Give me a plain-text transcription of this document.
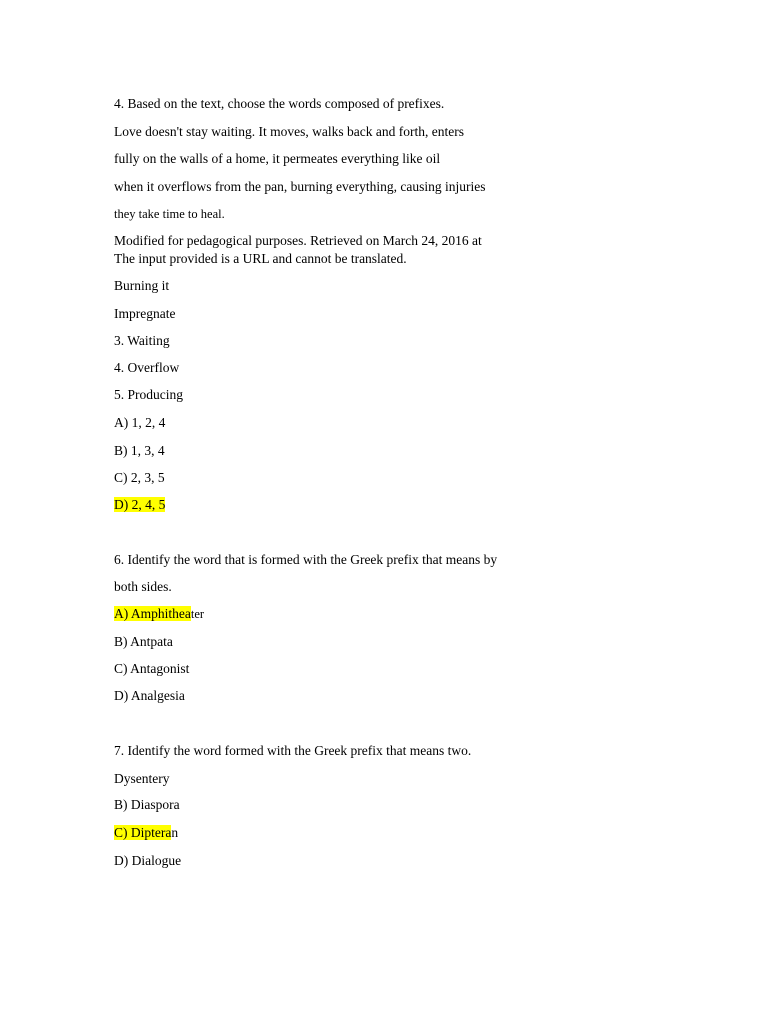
4. Based on the text, choose the words composed of prefixes.
Love doesn't stay waiting. It moves, walks back and forth, enters
fully on the walls of a home, it permeates everything like oil
when it overflows from the pan, burning everything, causing injuries
they take time to heal.
Modified for pedagogical purposes. Retrieved on March 24, 2016 at
The input provided is a URL and cannot be translated.
Burning it
Impregnate
3. Waiting
4. Overflow
5. Producing
A) 1, 2, 4
B) 1, 3, 4
C) 2, 3, 5
D) 2, 4, 5
6. Identify the word that is formed with the Greek prefix that means by
both sides.
A) Amphitheater
B) Antpata
C) Antagonist
D) Analgesia
7. Identify the word formed with the Greek prefix that means two.
Dysentery
B) Diaspora
C) Dipteran
D) Dialogue
